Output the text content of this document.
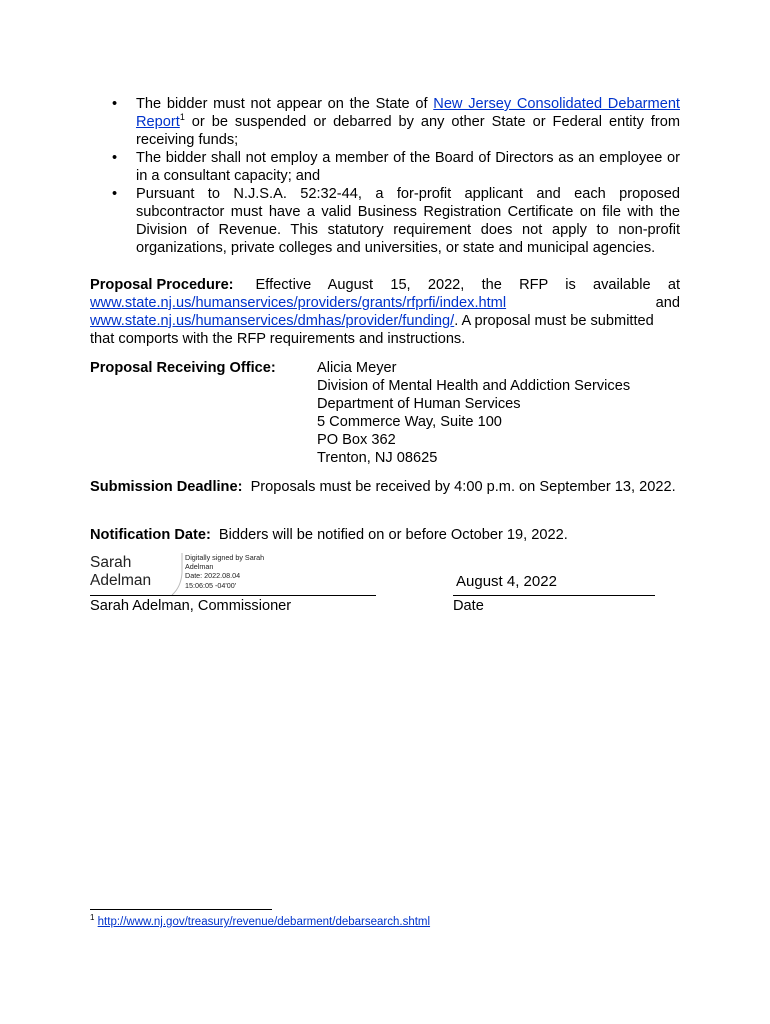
• The bidder must not appear on the State of New Jersey Consolidated Debarment Report$^1$ or be suspended or debarred by any other State or Federal entity from receiving funds;
• The bidder shall not employ a member of the Board of Directors as an employee or in a consultant capacity; and
• Pursuant to N.J.S.A. 52:32-44, a for-profit applicant and each proposed subcontractor must have a valid Business Registration Certificate on file with the Division of Revenue. This statutory requirement does not apply to non-profit organizations, private colleges and universities, or state and municipal agencies.
Proposal Procedure: Effective August 15, 2022, the RFP is available at
www.state.nj.us/humanservices/providers/grants/rfprfi/index.html	and
www.state.nj.us/humanservices/dmhas/provider/funding/. A proposal must be submitted
that comports with the RFP requirements and instructions.
Proposal Receiving Office:	Alicia Meyer
Division of Mental Health and Addiction Services
Department of Human Services
5 Commerce Way, Suite 100
PO Box 362
Trenton, NJ 08625
Submission Deadline: Proposals must be received by 4:00 p.m. on September 13, 2022.
Notification Date: Bidders will be notified on or before October 19, 2022.
Sarah
Adelman
Digitally signed by Sarah
Adelman
Date: 2022.08.04
15:06:05 -04'00'	August 4, 2022
Sarah Adelman, Commissioner	Date
$^1$ http://www.nj.gov/treasury/revenue/debarment/debarsearch.shtml
